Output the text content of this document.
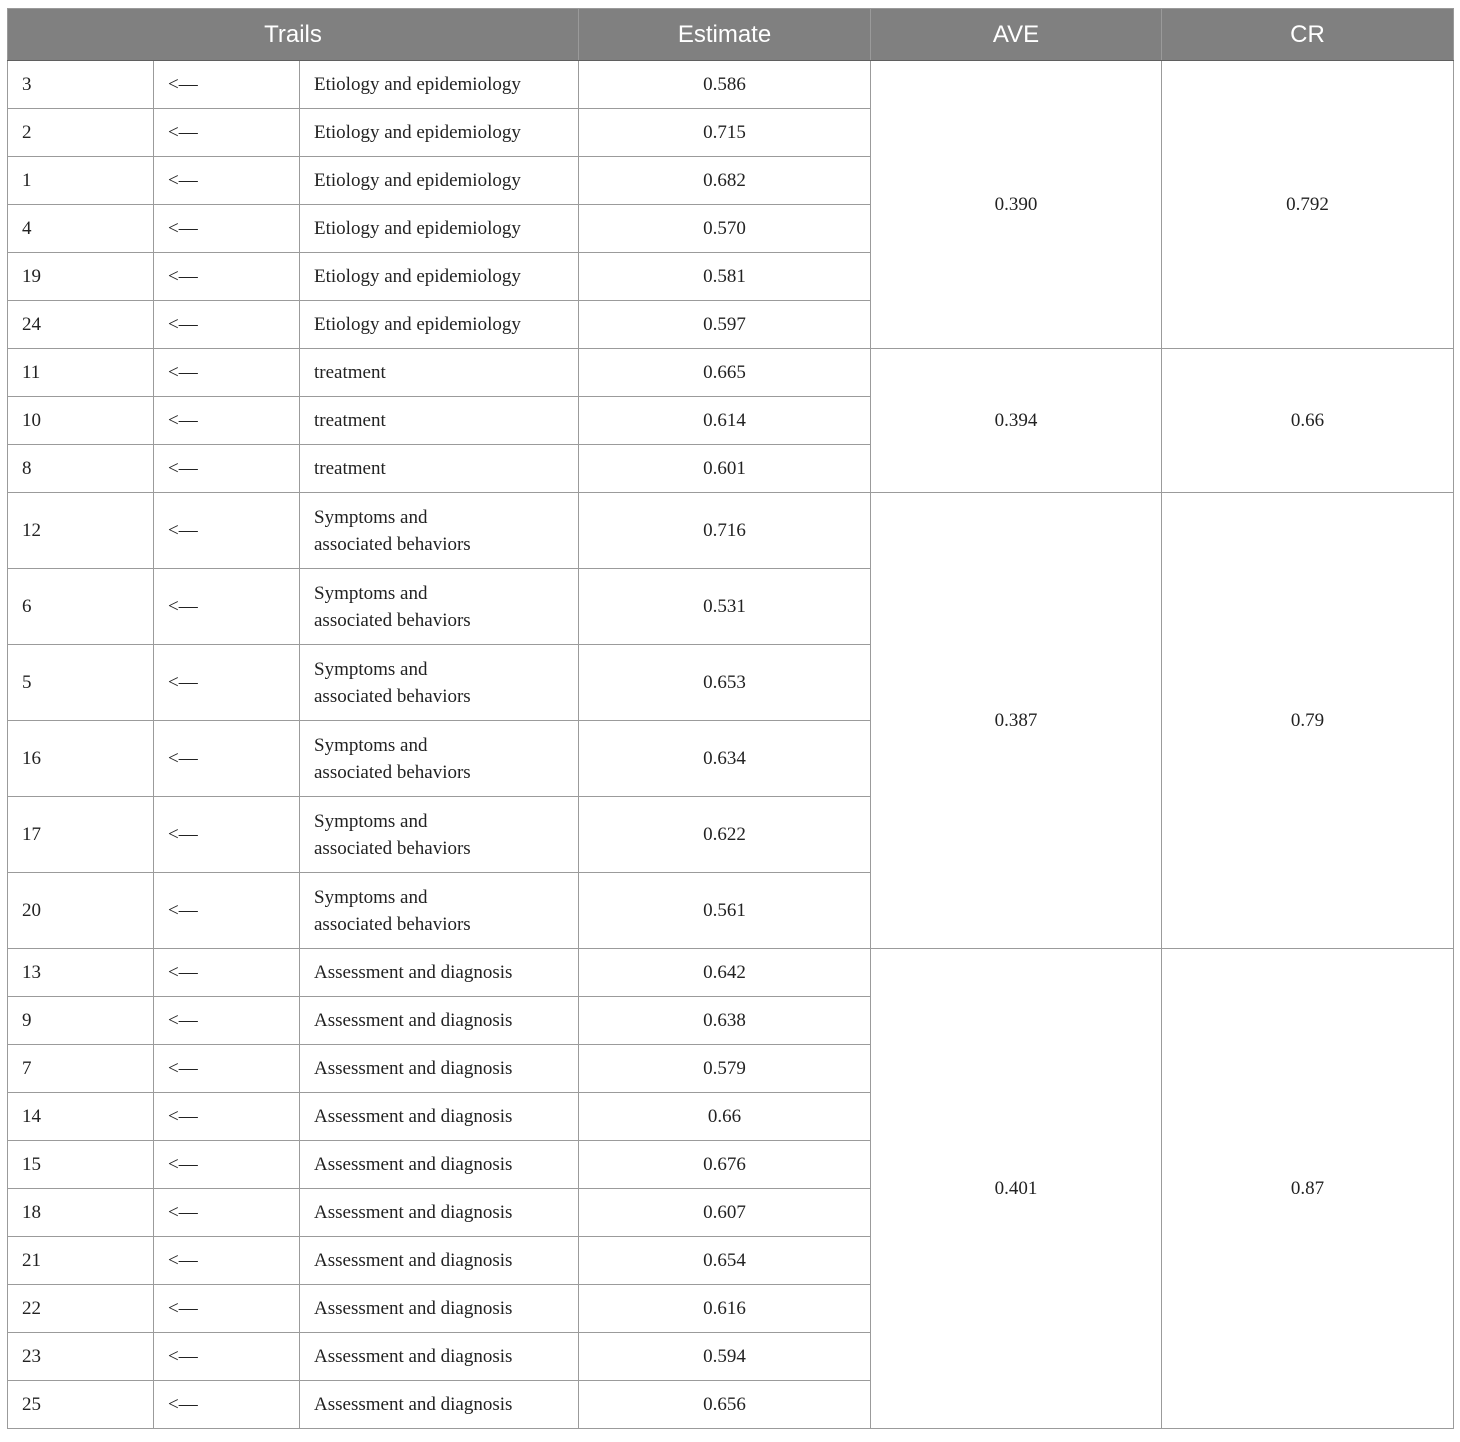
Trails			Estimate	AVE	CR
3	<—	Etiology and epidemiology	0.586	0.390	0.792
2	<—	Etiology and epidemiology	0.715		
1	<—	Etiology and epidemiology	0.682		
4	<—	Etiology and epidemiology	0.570		
19	<—	Etiology and epidemiology	0.581		
24	<—	Etiology and epidemiology	0.597		
11	<—	treatment	0.665	0.394	0.66
10	<—	treatment	0.614		
8	<—	treatment	0.601		
12	<—	Symptoms and
associated behaviors	0.716	0.387	0.79
6	<—	Symptoms and
associated behaviors	0.531		
5	<—	Symptoms and
associated behaviors	0.653		
16	<—	Symptoms and
associated behaviors	0.634		
17	<—	Symptoms and
associated behaviors	0.622		
20	<—	Symptoms and
associated behaviors	0.561		
13	<—	Assessment and diagnosis	0.642	0.401	0.87
9	<—	Assessment and diagnosis	0.638		
7	<—	Assessment and diagnosis	0.579		
14	<—	Assessment and diagnosis	0.66		
15	<—	Assessment and diagnosis	0.676		
18	<—	Assessment and diagnosis	0.607		
21	<—	Assessment and diagnosis	0.654		
22	<—	Assessment and diagnosis	0.616		
23	<—	Assessment and diagnosis	0.594		
25	<—	Assessment and diagnosis	0.656		
